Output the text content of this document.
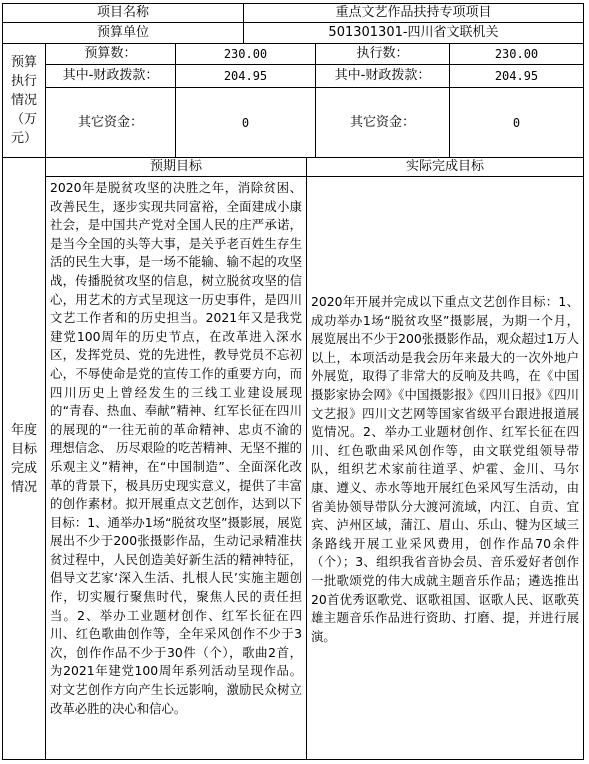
项目名称	重点文艺作品扶持专项项目
预算单位	501301301-四川省文联机关
预算执行情况（万元）
预算数：	230.00	执行数：	230.00
其中-财政拨款：	204.95	其中-财政拨款：	204.95
其它资金：	0	其它资金：	0
年度目标完成情况
预期目标	实际完成目标
2020年是脱贫攻坚的决胜之年，消除贫困、改善民生，逐步实现共同富裕，全面建成小康社会，是中国共产党对全国人民的庄严承诺，是当今全国的头等大事，是关乎老百姓生存生活的民生大事，是一场不能输、输不起的攻坚战，传播脱贫攻坚的信息，树立脱贫攻坚的信心，用艺术的方式呈现这一历史事件，是四川文艺工作者和的历史担当。2021年又是我党建党100周年的历史节点，在改革进入深水区，发挥党员、党的先进性，教导党员不忘初心，不辱使命是党的宣传工作的重要方向，而四川历史上曾经发生的三线工业建设展现的“青春、热血、奉献”精神、红军长征在四川的展现的“一往无前的革命精神、忠贞不渝的理想信念、 历尽艰险的吃苦精神、无坚不摧的乐观主义”精神，在“中国制造”、全面深化改革的背景下，极具历史现实意义，提供了丰富的创作素材。拟开展重点文艺创作，达到以下目标：1、通举办1场“脱贫攻坚”摄影展，展览展出不少于200张摄影作品，生动记录精准扶贫过程中，人民创造美好新生活的精神特征，倡导文艺家‘深入生活、扎根人民’实施主题创作，切实履行聚焦时代，聚焦人民的责任担当。2、举办工业题材创作、红军长征在四川、红色歌曲创作等，全年采风创作不少于3次，创作作品不少于30件（个），歌曲2首，为2021年建党100周年系列活动呈现作品。对文艺创作方向产生长远影响，激励民众树立改革必胜的决心和信心。
2020年开展并完成以下重点文艺创作目标：1、成功举办1场“脱贫攻坚”摄影展，为期一个月，展览展出不少于200张摄影作品，观众超过1万人以上，本项活动是我会历年来最大的一次外地户外展览，取得了非常大的反响及共鸣，在《中国摄影家协会网》《中国摄影报》《四川日报》《四川文艺报》四川文艺网等国家省级平台跟进报道展览情况。2、举办工业题材创作、红军长征在四川、红色歌曲采风创作等，由文联党组领导带队，组织艺术家前往道孚、炉霍、金川、马尔康、遵义、赤水等地开展红色采风写生活动，由省美协领导带队分大渡河流域，内江、自贡、宜宾、泸州区域，蒲江、眉山、乐山、犍为区域三条路线开展工业采风费用，创作作品70余件（个）；3、组织我省音协会员、音乐爱好者创作一批歌颂党的伟大成就主题音乐作品；遴选推出20首优秀讴歌党、讴歌祖国、讴歌人民、讴歌英雄主题音乐作品进行资助、打磨、提，并进行展演。
